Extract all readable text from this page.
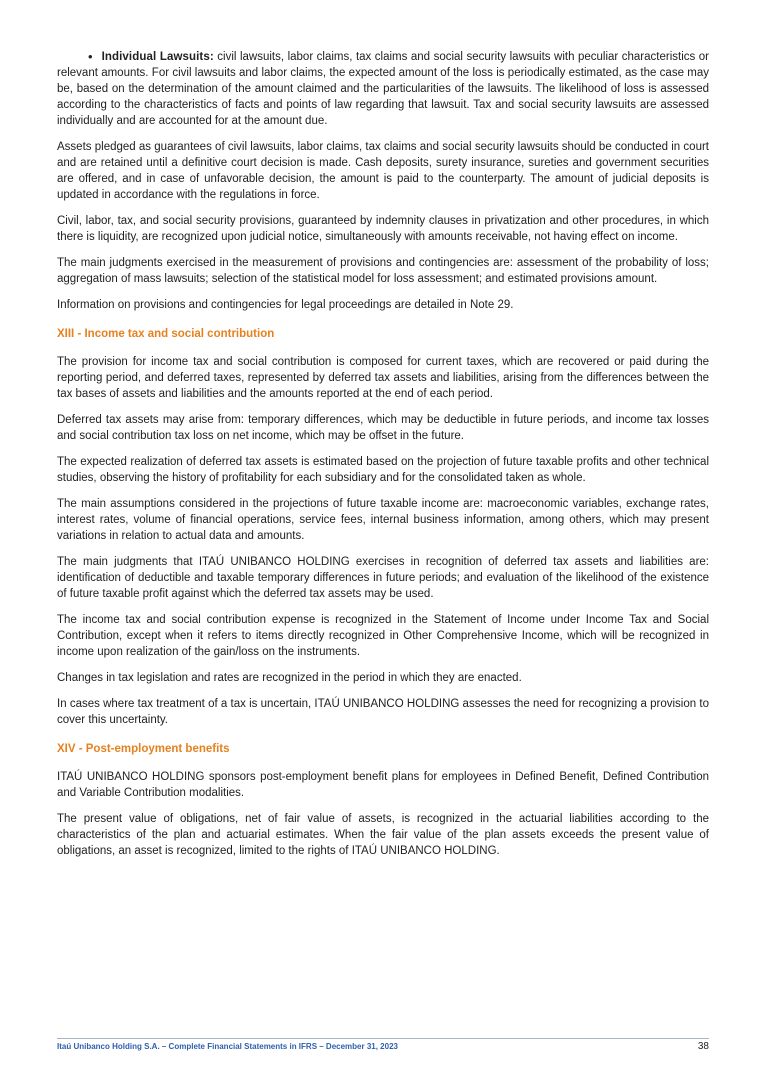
• Individual Lawsuits: civil lawsuits, labor claims, tax claims and social security lawsuits with peculiar characteristics or relevant amounts. For civil lawsuits and labor claims, the expected amount of the loss is periodically estimated, as the case may be, based on the determination of the amount claimed and the particularities of the lawsuits. The likelihood of loss is assessed according to the characteristics of facts and points of law regarding that lawsuit. Tax and social security lawsuits are assessed individually and are accounted for at the amount due.

Assets pledged as guarantees of civil lawsuits, labor claims, tax claims and social security lawsuits should be conducted in court and are retained until a definitive court decision is made. Cash deposits, surety insurance, sureties and government securities are offered, and in case of unfavorable decision, the amount is paid to the counterparty. The amount of judicial deposits is updated in accordance with the regulations in force.

Civil, labor, tax, and social security provisions, guaranteed by indemnity clauses in privatization and other procedures, in which there is liquidity, are recognized upon judicial notice, simultaneously with amounts receivable, not having effect on income.

The main judgments exercised in the measurement of provisions and contingencies are: assessment of the probability of loss; aggregation of mass lawsuits; selection of the statistical model for loss assessment; and estimated provisions amount.

Information on provisions and contingencies for legal proceedings are detailed in Note 29.

XIII - Income tax and social contribution

The provision for income tax and social contribution is composed for current taxes, which are recovered or paid during the reporting period, and deferred taxes, represented by deferred tax assets and liabilities, arising from the differences between the tax bases of assets and liabilities and the amounts reported at the end of each period.

Deferred tax assets may arise from: temporary differences, which may be deductible in future periods, and income tax losses and social contribution tax loss on net income, which may be offset in the future.

The expected realization of deferred tax assets is estimated based on the projection of future taxable profits and other technical studies, observing the history of profitability for each subsidiary and for the consolidated taken as whole.

The main assumptions considered in the projections of future taxable income are: macroeconomic variables, exchange rates, interest rates, volume of financial operations, service fees, internal business information, among others, which may present variations in relation to actual data and amounts.

The main judgments that ITAÚ UNIBANCO HOLDING exercises in recognition of deferred tax assets and liabilities are: identification of deductible and taxable temporary differences in future periods; and evaluation of the likelihood of the existence of future taxable profit against which the deferred tax assets may be used.

The income tax and social contribution expense is recognized in the Statement of Income under Income Tax and Social Contribution, except when it refers to items directly recognized in Other Comprehensive Income, which will be recognized in income upon realization of the gain/loss on the instruments.

Changes in tax legislation and rates are recognized in the period in which they are enacted.

In cases where tax treatment of a tax is uncertain, ITAÚ UNIBANCO HOLDING assesses the need for recognizing a provision to cover this uncertainty.

XIV - Post-employment benefits

ITAÚ UNIBANCO HOLDING sponsors post-employment benefit plans for employees in Defined Benefit, Defined Contribution and Variable Contribution modalities.

The present value of obligations, net of fair value of assets, is recognized in the actuarial liabilities according to the characteristics of the plan and actuarial estimates. When the fair value of the plan assets exceeds the present value of obligations, an asset is recognized, limited to the rights of ITAÚ UNIBANCO HOLDING.

Itaú Unibanco Holding S.A. – Complete Financial Statements in IFRS – December 31, 2023	38
